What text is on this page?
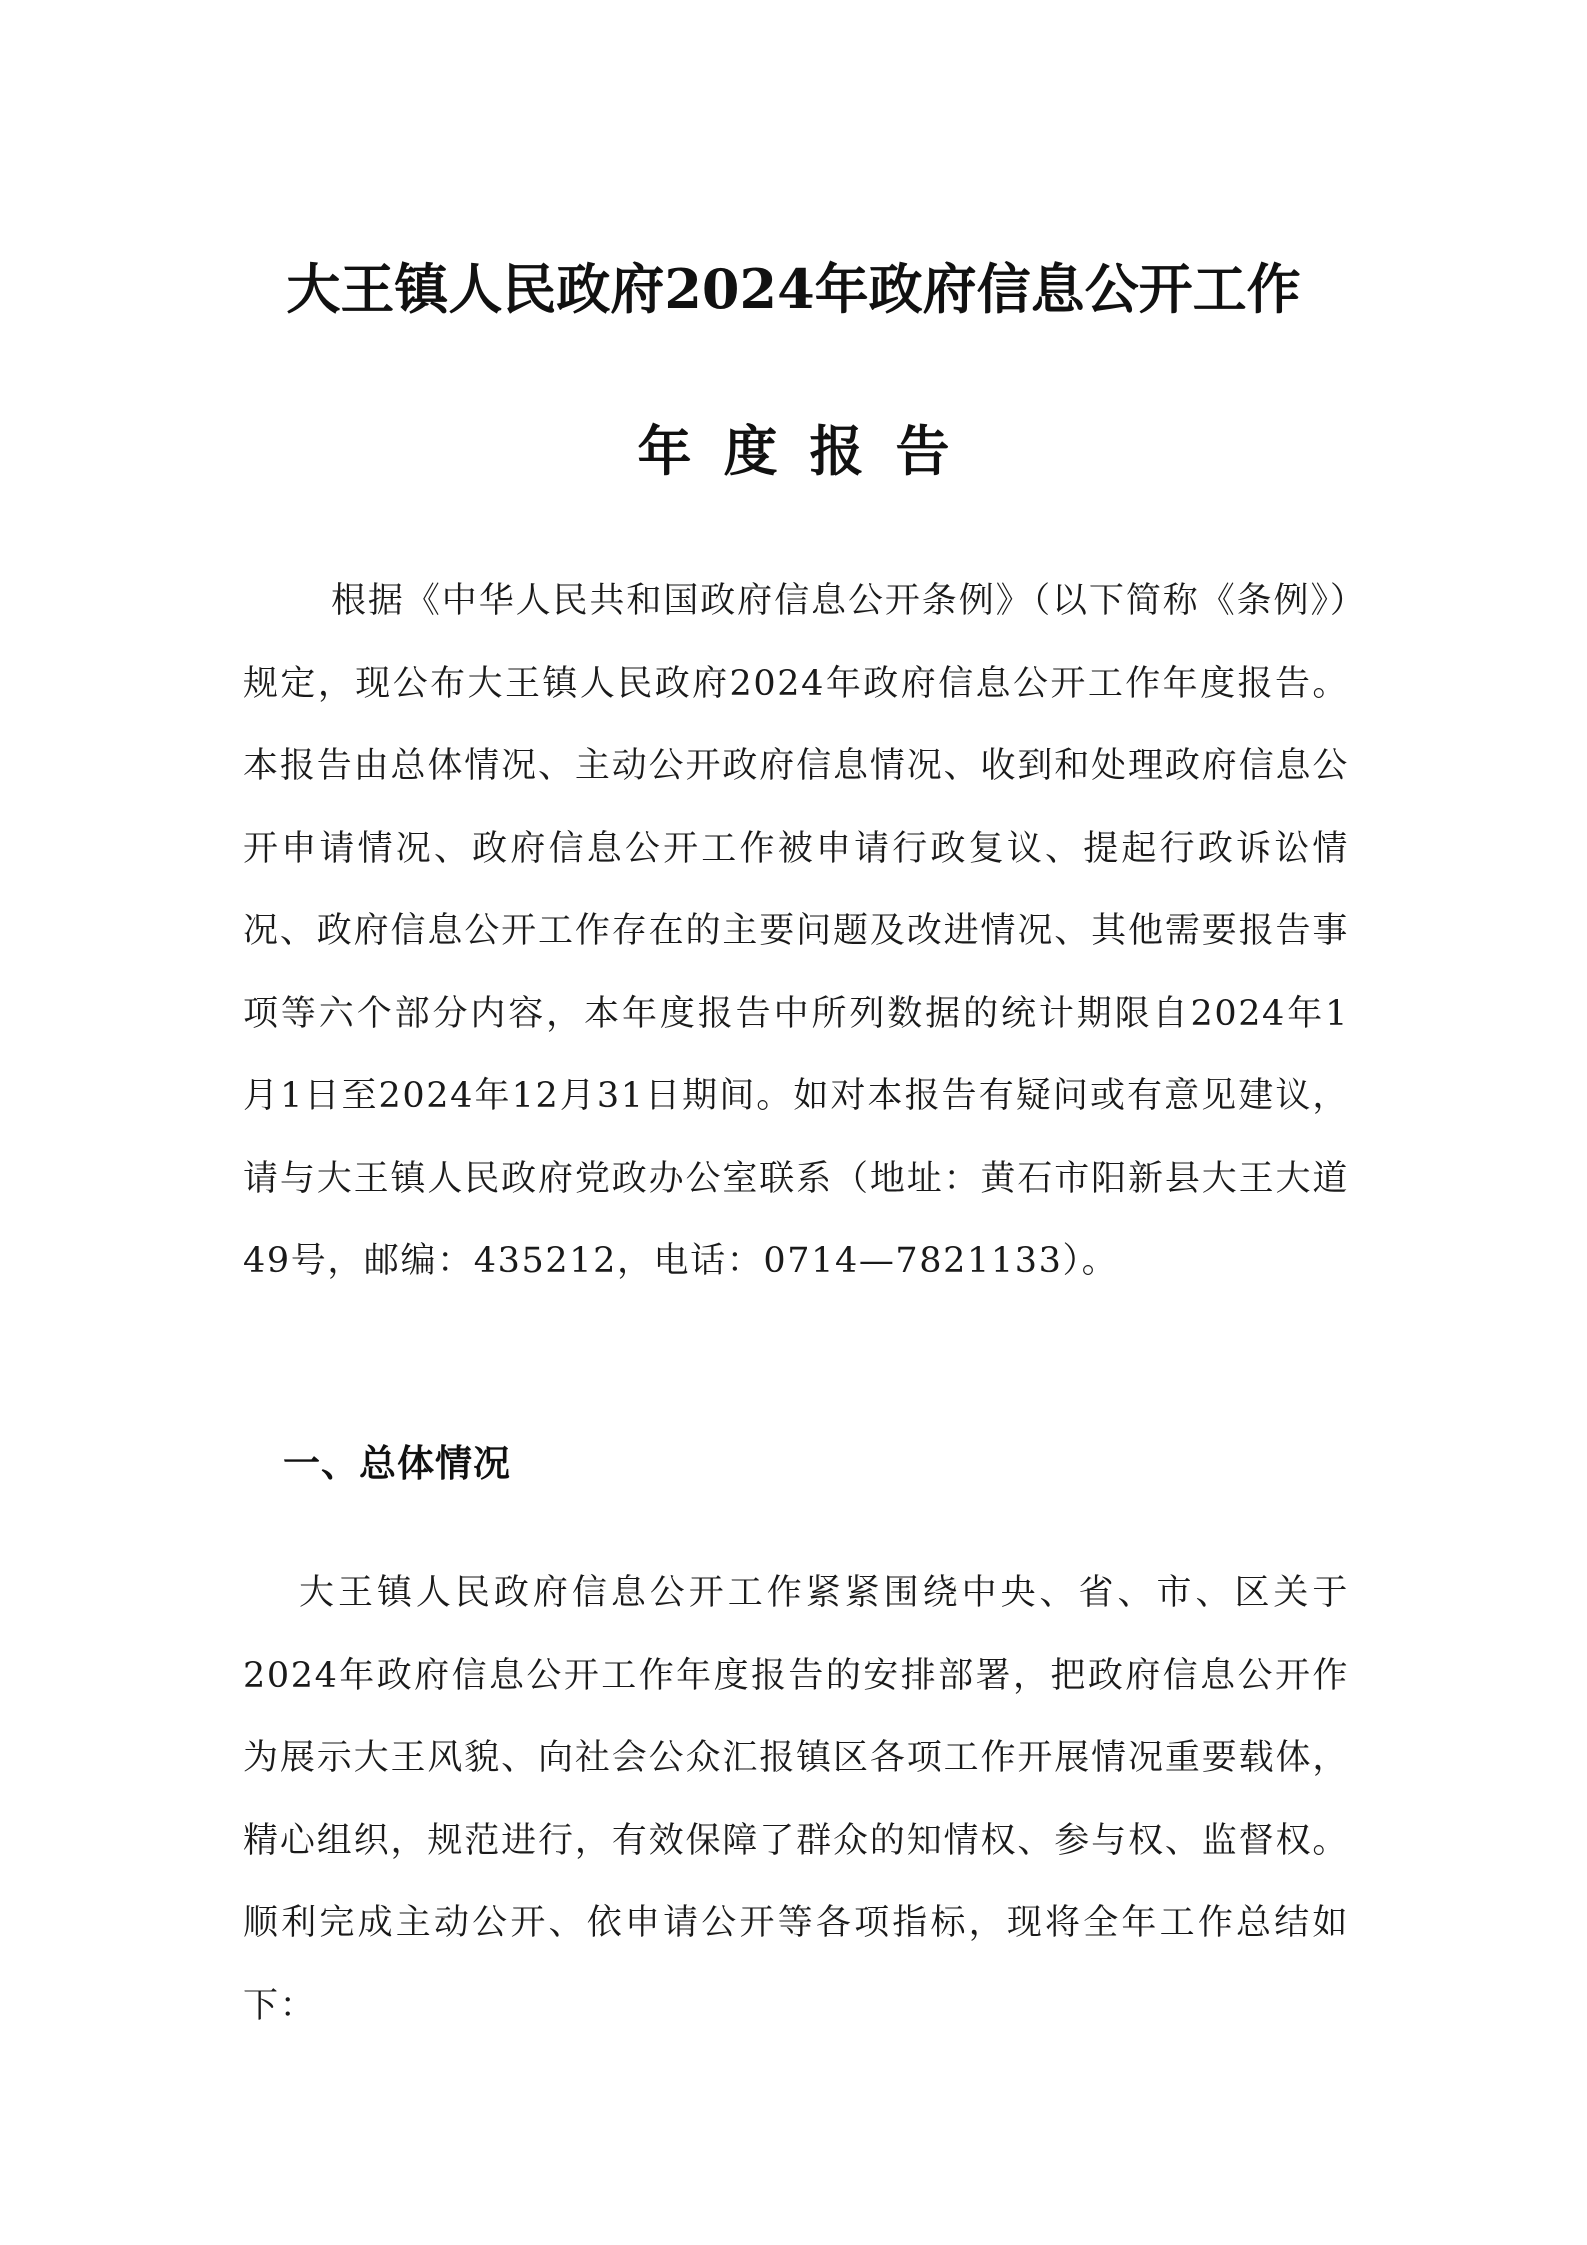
大王镇人民政府2024年政府信息公开工作
年度报告

根据《中华人民共和国政府信息公开条例》（以下简称《条例》）规定，现公布大王镇人民政府2024年政府信息公开工作年度报告。本报告由总体情况、主动公开政府信息情况、收到和处理政府信息公开申请情况、政府信息公开工作被申请行政复议、提起行政诉讼情况、政府信息公开工作存在的主要问题及改进情况、其他需要报告事项等六个部分内容，本年度报告中所列数据的统计期限自2024年1月1日至2024年12月31日期间。如对本报告有疑问或有意见建议，请与大王镇人民政府党政办公室联系（地址：黄石市阳新县大王大道49号，邮编：435212，电话：0714—7821133）。

一、总体情况

大王镇人民政府信息公开工作紧紧围绕中央、省、市、区关于2024年政府信息公开工作年度报告的安排部署，把政府信息公开作为展示大王风貌、向社会公众汇报镇区各项工作开展情况重要载体，精心组织，规范进行，有效保障了群众的知情权、参与权、监督权。顺利完成主动公开、依申请公开等各项指标，现将全年工作总结如下：
